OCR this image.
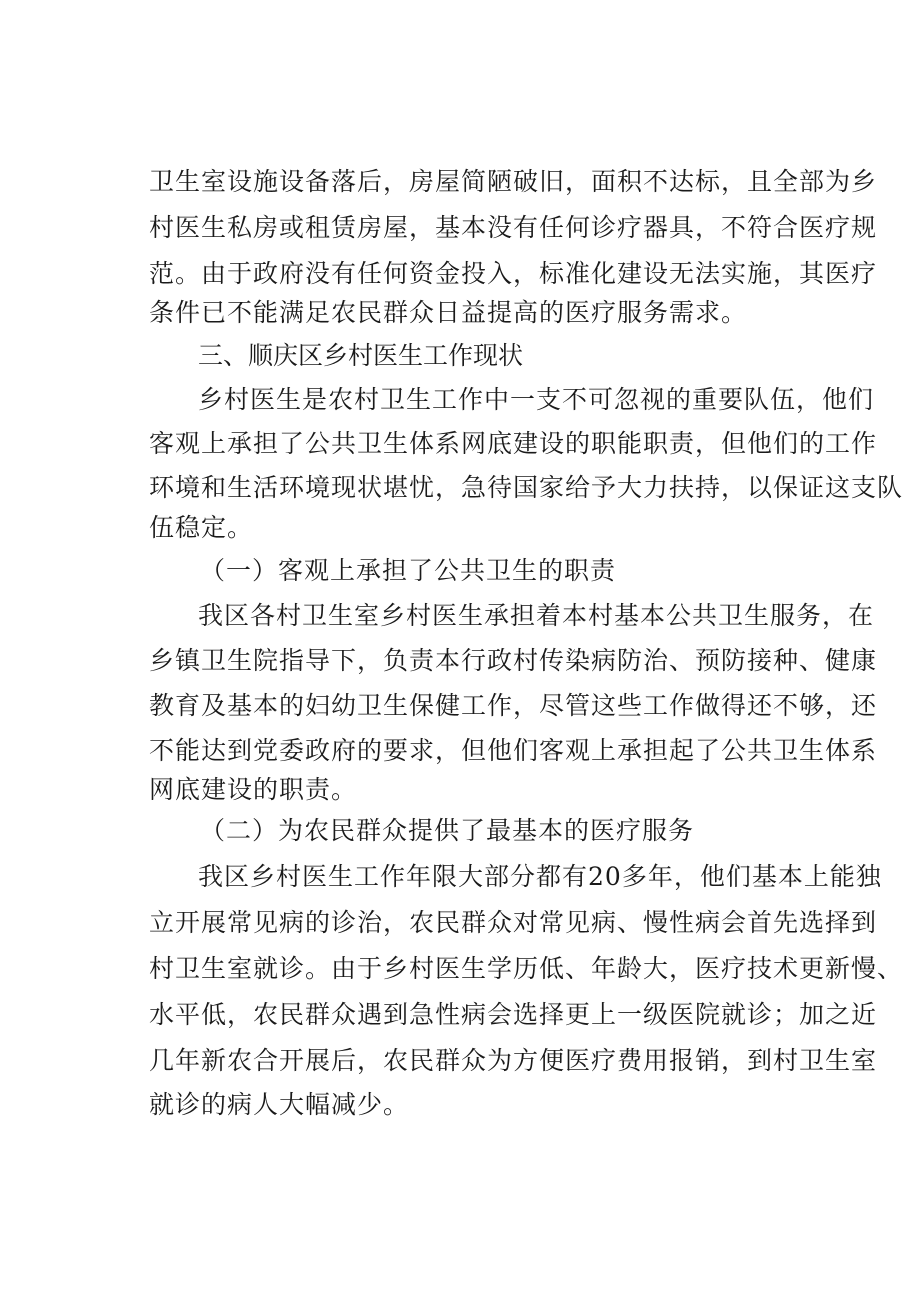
卫生室设施设备落后，房屋简陋破旧，面积不达标，且全部为乡
村医生私房或租赁房屋，基本没有任何诊疗器具，不符合医疗规
范。由于政府没有任何资金投入，标准化建设无法实施，其医疗
条件已不能满足农民群众日益提高的医疗服务需求。
三、顺庆区乡村医生工作现状
乡村医生是农村卫生工作中一支不可忽视的重要队伍，他们
客观上承担了公共卫生体系网底建设的职能职责，但他们的工作
环境和生活环境现状堪忧，急待国家给予大力扶持，以保证这支队
伍稳定。
（一）客观上承担了公共卫生的职责
我区各村卫生室乡村医生承担着本村基本公共卫生服务，在
乡镇卫生院指导下，负责本行政村传染病防治、预防接种、健康
教育及基本的妇幼卫生保健工作，尽管这些工作做得还不够，还
不能达到党委政府的要求，但他们客观上承担起了公共卫生体系
网底建设的职责。
（二）为农民群众提供了最基本的医疗服务
我区乡村医生工作年限大部分都有20多年，他们基本上能独
立开展常见病的诊治，农民群众对常见病、慢性病会首先选择到
村卫生室就诊。由于乡村医生学历低、年龄大，医疗技术更新慢、
水平低，农民群众遇到急性病会选择更上一级医院就诊；加之近
几年新农合开展后，农民群众为方便医疗费用报销，到村卫生室
就诊的病人大幅减少。
